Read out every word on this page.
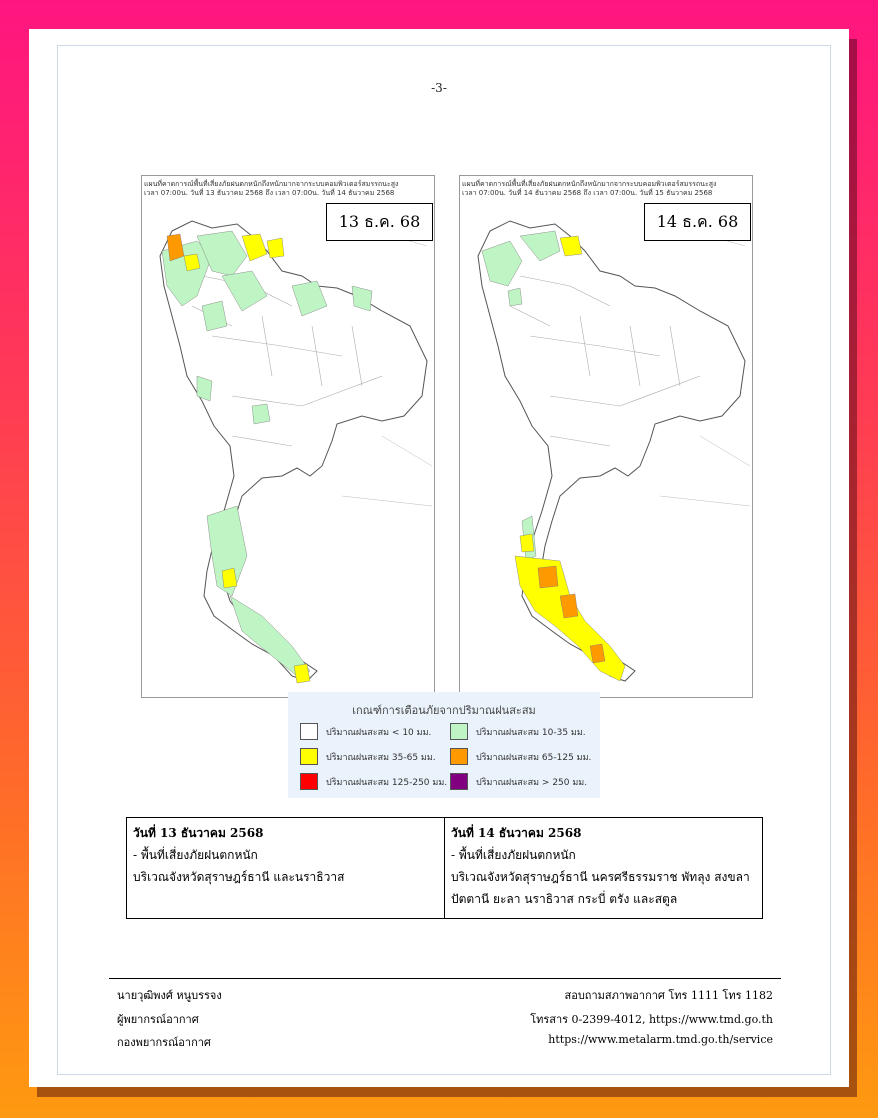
-3-
แผนที่คาดการณ์พื้นที่เสี่ยงภัยฝนตกหนักถึงหนักมากจากระบบคอมพิวเตอร์สมรรถนะสูง
เวลา 07:00น. วันที่ 13 ธันวาคม 2568 ถึง เวลา 07:00น. วันที่ 14 ธันวาคม 2568
13 ธ.ค. 68
แผนที่คาดการณ์พื้นที่เสี่ยงภัยฝนตกหนักถึงหนักมากจากระบบคอมพิวเตอร์สมรรถนะสูง
เวลา 07:00น. วันที่ 14 ธันวาคม 2568 ถึง เวลา 07:00น. วันที่ 15 ธันวาคม 2568
14 ธ.ค. 68
เกณฑ์การเตือนภัยจากปริมาณฝนสะสม
ปริมาณฝนสะสม < 10 มม.	ปริมาณฝนสะสม 10-35 มม.
ปริมาณฝนสะสม 35-65 มม.	ปริมาณฝนสะสม 65-125 มม.
ปริมาณฝนสะสม 125-250 มม.	ปริมาณฝนสะสม > 250 มม.
วันที่ 13 ธันวาคม 2568
- พื้นที่เสี่ยงภัยฝนตกหนัก
บริเวณจังหวัดสุราษฎร์ธานี และนราธิวาส

วันที่ 14 ธันวาคม 2568
- พื้นที่เสี่ยงภัยฝนตกหนัก
บริเวณจังหวัดสุราษฎร์ธานี นครศรีธรรมราช พัทลุง สงขลา
ปัตตานี ยะลา นราธิวาส กระบี่ ตรัง และสตูล
นายวุฒิพงศ์ หนูบรรจง
ผู้พยากรณ์อากาศ
กองพยากรณ์อากาศ
สอบถามสภาพอากาศ โทร 1111 โทร 1182
โทรสาร 0-2399-4012, https://www.tmd.go.th
https://www.metalarm.tmd.go.th/service
